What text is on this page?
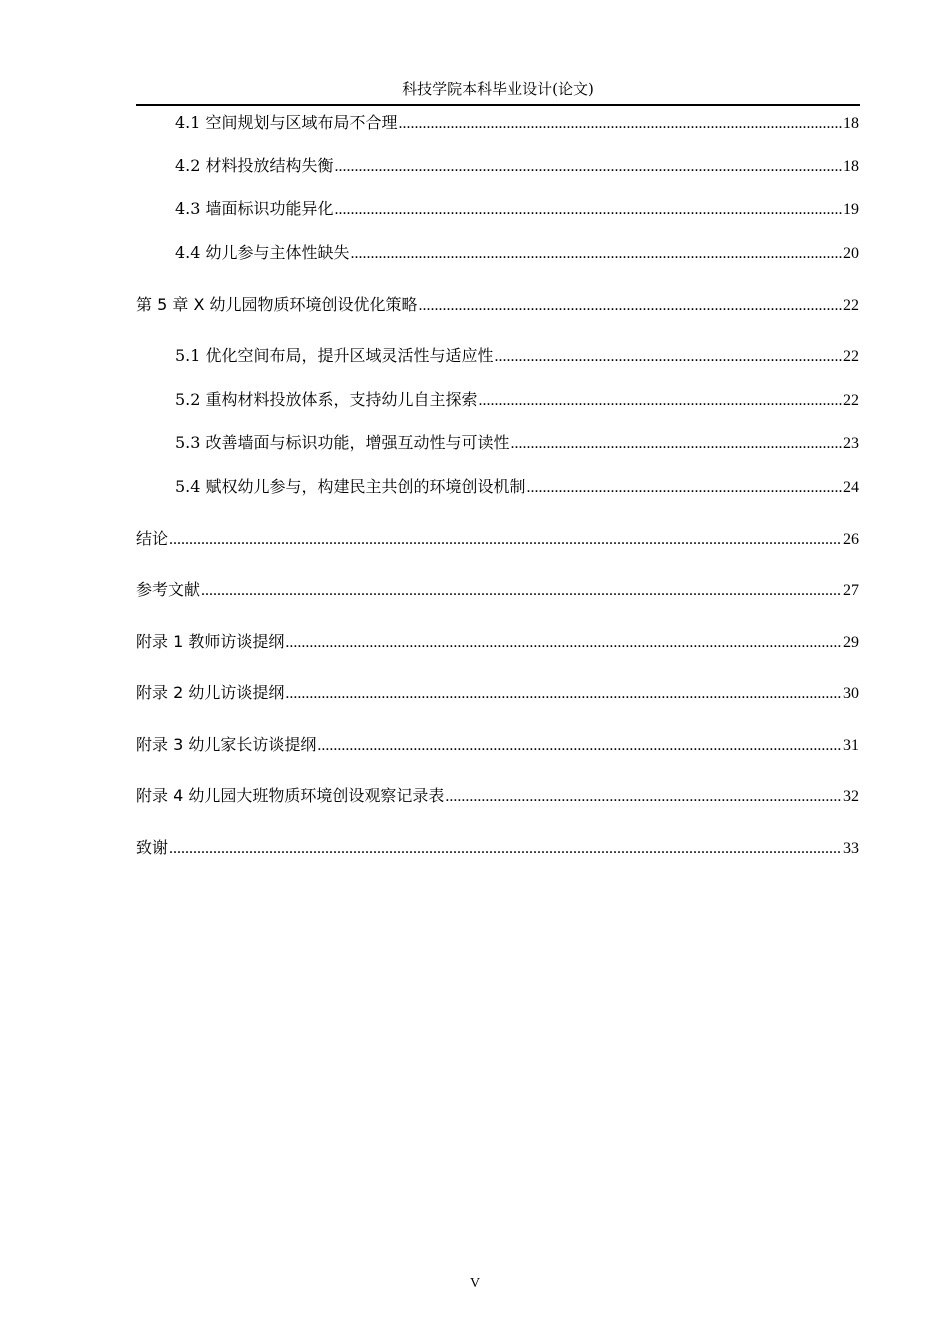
科技学院本科毕业设计(论文)
4.1 空间规划与区域布局不合理 .....	18
4.2 材料投放结构失衡 .....	18
4.3 墙面标识功能异化 .....	19
4.4 幼儿参与主体性缺失 .....	20
第 5 章 X 幼儿园物质环境创设优化策略 .....	22
5.1 优化空间布局，提升区域灵活性与适应性 .....	22
5.2 重构材料投放体系，支持幼儿自主探索 .....	22
5.3 改善墙面与标识功能，增强互动性与可读性 .....	23
5.4 赋权幼儿参与，构建民主共创的环境创设机制 .....	24
结论 .....	26
参考文献 .....	27
附录 1 教师访谈提纲 .....	29
附录 2 幼儿访谈提纲 .....	30
附录 3 幼儿家长访谈提纲 .....	31
附录 4 幼儿园大班物质环境创设观察记录表 .....	32
致谢 .....	33
V
